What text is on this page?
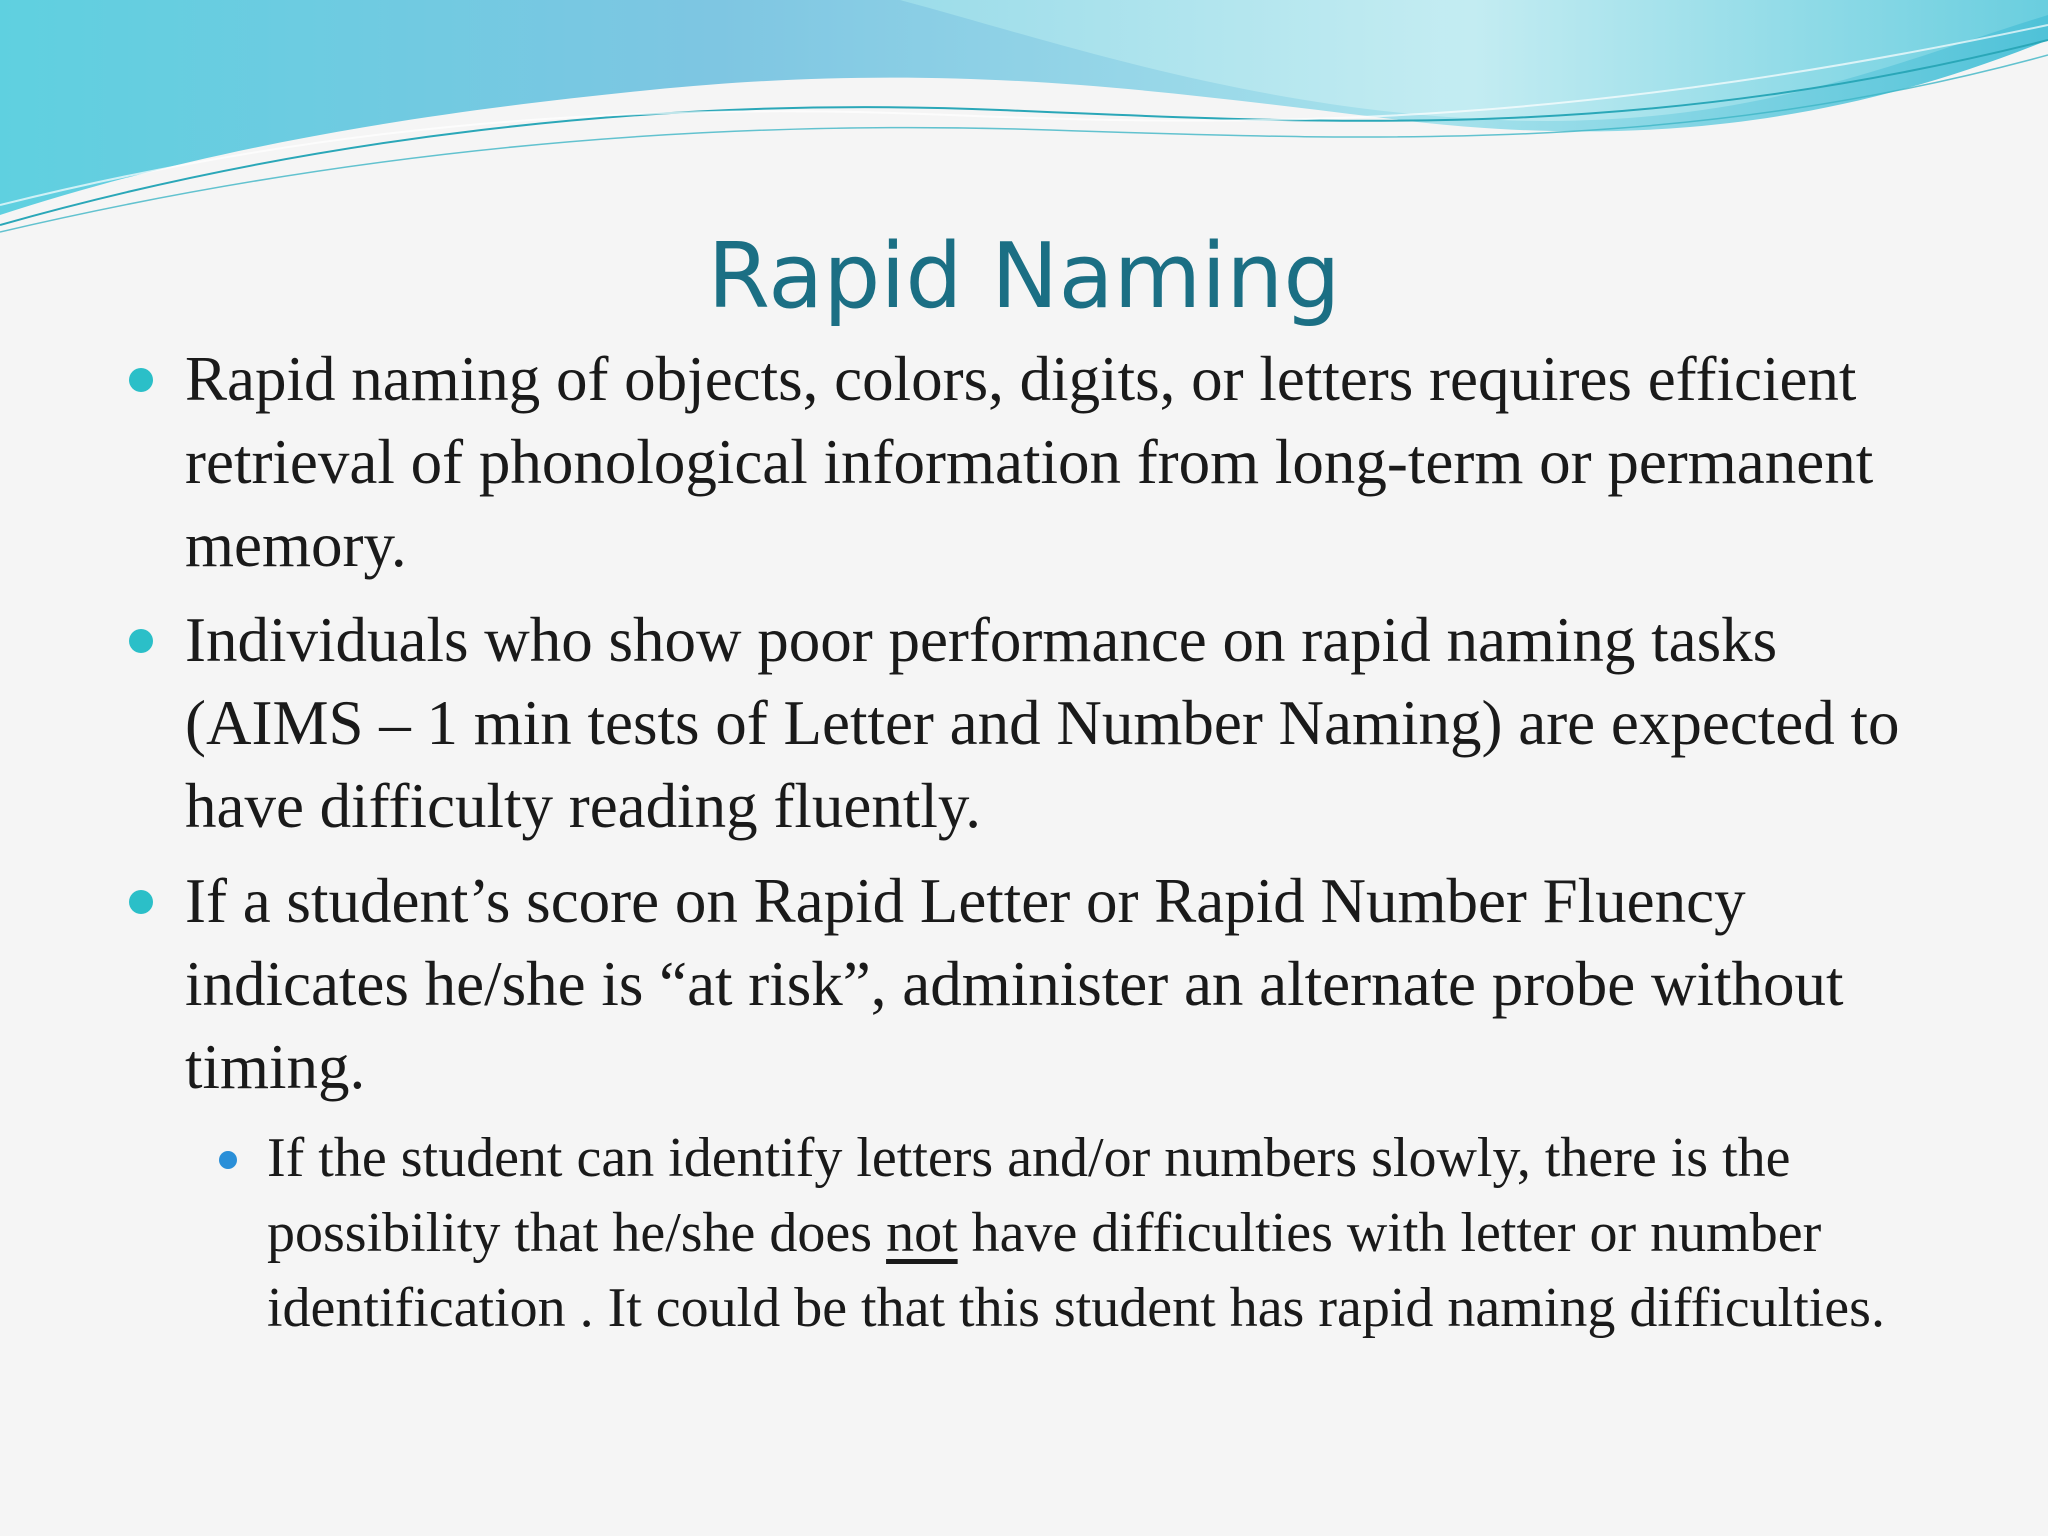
Rapid Naming
Rapid naming of objects, colors, digits, or letters requires efficient retrieval of phonological information from long-term or permanent memory.
Individuals who show poor performance on rapid naming tasks (AIMS – 1 min tests of Letter and Number Naming) are expected to have difficulty reading fluently.
If a student’s score on Rapid Letter or Rapid Number Fluency indicates he/she is “at risk”, administer an alternate probe without timing.
If the student can identify letters and/or numbers slowly, there is the possibility that he/she does not have difficulties with letter or number identification . It could be that this student has rapid naming difficulties.
